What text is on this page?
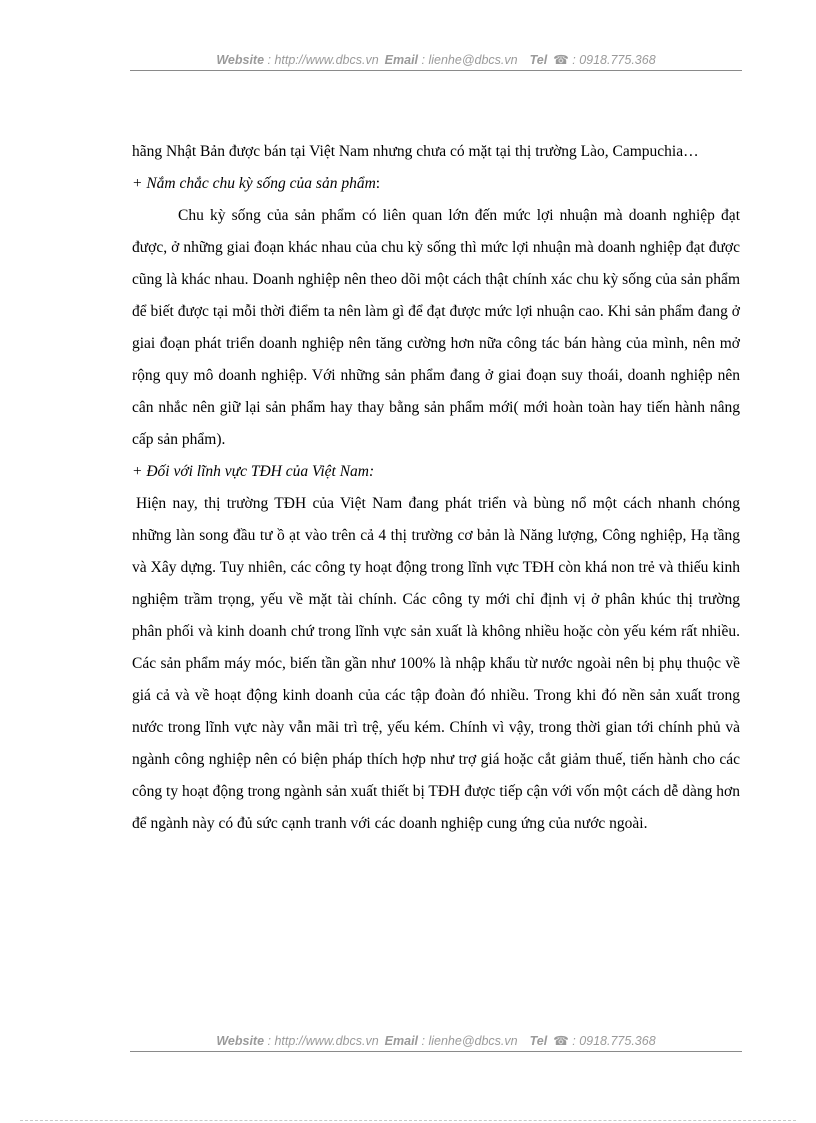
Website : http://www.dbcs.vn Email : lienhe@dbcs.vn Tel ☎ : 0918.775.368

hãng Nhật Bản được bán tại Việt Nam nhưng chưa có mặt tại thị trường Lào, Campuchia…

+ Nắm chắc chu kỳ sống của sản phẩm:

Chu kỳ sống của sản phẩm có liên quan lớn đến mức lợi nhuận mà doanh nghiệp đạt được, ở những giai đoạn khác nhau của chu kỳ sống thì mức lợi nhuận mà doanh nghiệp đạt được cũng là khác nhau. Doanh nghiệp nên theo dõi một cách thật chính xác chu kỳ sống của sản phẩm để biết được tại mỗi thời điểm ta nên làm gì để đạt được mức lợi nhuận cao. Khi sản phẩm đang ở giai đoạn phát triển doanh nghiệp nên tăng cường hơn nữa công tác bán hàng của mình, nên mở rộng quy mô doanh nghiệp. Với những sản phẩm đang ở giai đoạn suy thoái, doanh nghiệp nên cân nhắc nên giữ lại sản phẩm hay thay bằng sản phẩm mới( mới hoàn toàn hay tiến hành nâng cấp sản phẩm).

+ Đối với lĩnh vực TĐH của Việt Nam:

Hiện nay, thị trường TĐH của Việt Nam đang phát triển và bùng nổ một cách nhanh chóng những làn song đầu tư ồ ạt vào trên cả 4 thị trường cơ bản là Năng lượng, Công nghiệp, Hạ tầng và Xây dựng. Tuy nhiên, các công ty hoạt động trong lĩnh vực TĐH còn khá non trẻ và thiếu kinh nghiệm trầm trọng, yếu về mặt tài chính. Các công ty mới chỉ định vị ở phân khúc thị trường phân phối và kinh doanh chứ trong lĩnh vực sản xuất là không nhiều hoặc còn yếu kém rất nhiều. Các sản phẩm máy móc, biến tần gần như 100% là nhập khẩu từ nước ngoài nên bị phụ thuộc về giá cả và về hoạt động kinh doanh của các tập đoàn đó nhiều. Trong khi đó nền sản xuất trong nước trong lĩnh vực này vẫn mãi trì trệ, yếu kém. Chính vì vậy, trong thời gian tới chính phủ và ngành công nghiệp nên có biện pháp thích hợp như trợ giá hoặc cắt giảm thuế, tiến hành cho các công ty hoạt động trong ngành sản xuất thiết bị TĐH được tiếp cận với vốn một cách dễ dàng hơn để ngành này có đủ sức cạnh tranh với các doanh nghiệp cung ứng của nước ngoài.

Website : http://www.dbcs.vn Email : lienhe@dbcs.vn Tel ☎ : 0918.775.368
